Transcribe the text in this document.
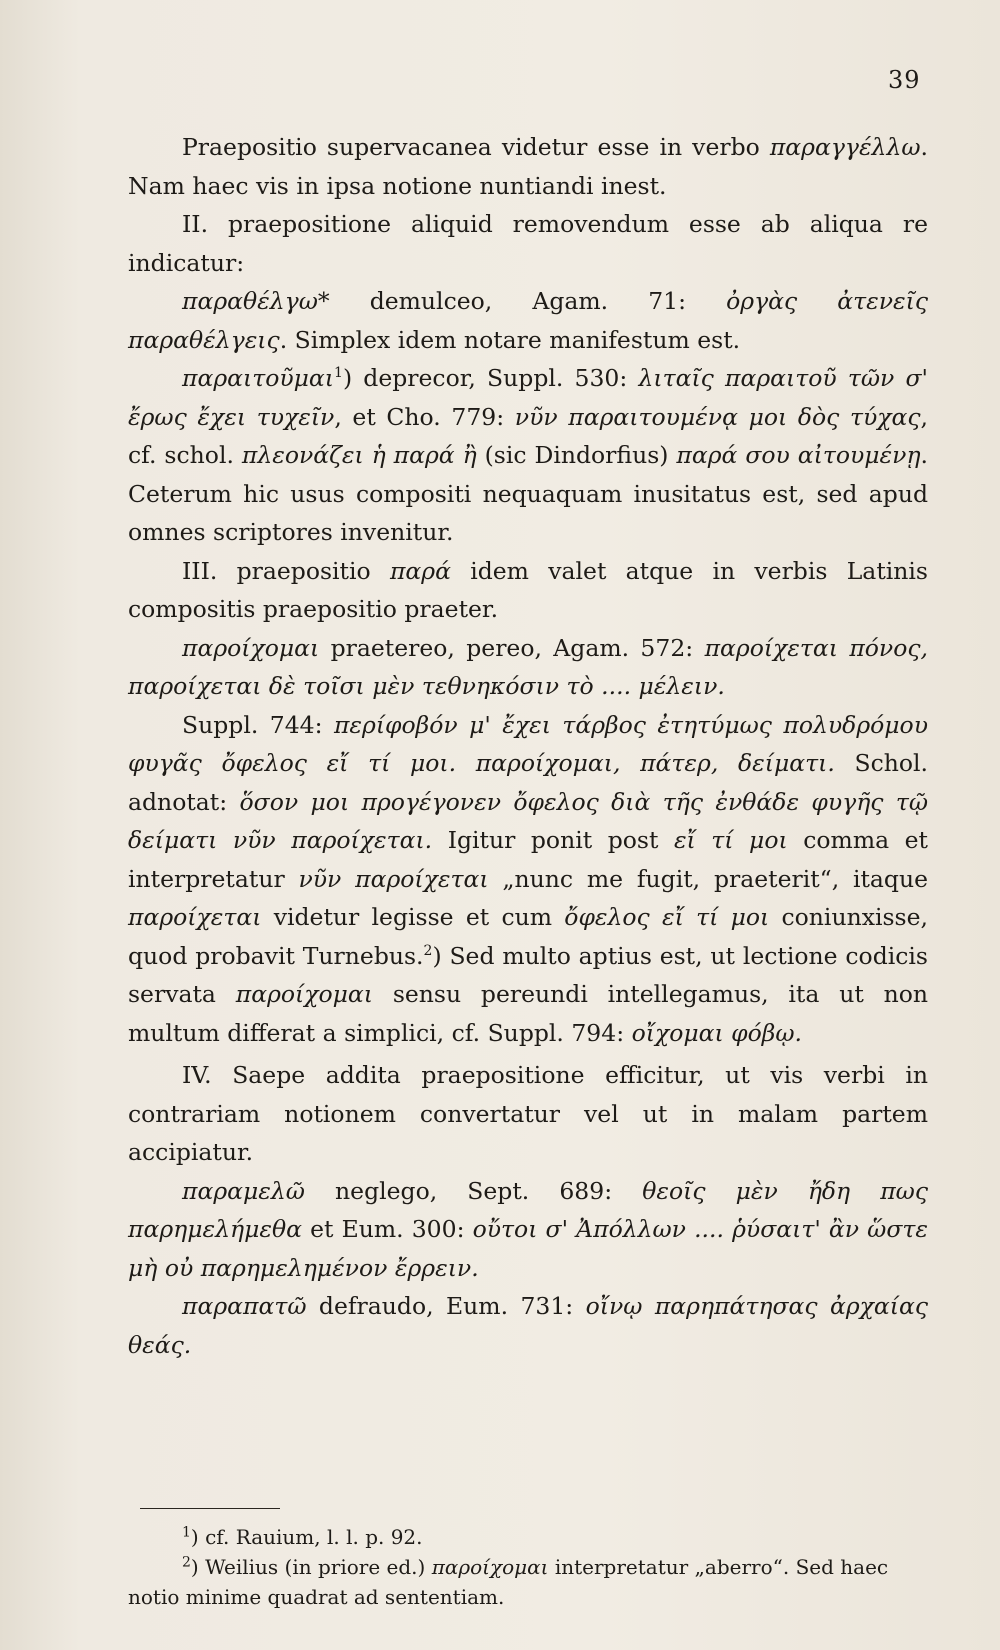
39

Praepositio supervacanea videtur esse in verbo παραγγέλλω. Nam haec vis in ipsa notione nuntiandi inest.

II. praepositione aliquid removendum esse ab aliqua re indicatur:

παραθέλγω* demulceo, Agam. 71: ὀργὰς ἀτενεῖς παραθέλγεις. Simplex idem notare manifestum est.

παραιτοῦμαι$^1$) deprecor, Suppl. 530: λιταῖς παραιτοῦ τῶν σ' ἔρως ἔχει τυχεῖν, et Cho. 779: νῦν παραιτουμένᾳ μοι δὸς τύχας, cf. schol. πλεονάζει ἡ παρά ἢ (sic Dindorfius) παρά σου αἰτουμένῃ. Ceterum hic usus compositi nequaquam inusitatus est, sed apud omnes scriptores invenitur.

III. praepositio παρά idem valet atque in verbis Latinis compositis praepositio praeter.

παροίχομαι praetereo, pereo, Agam. 572: παροίχεται πόνος, παροίχεται δὲ τοῖσι μὲν τεθνηκόσιν τὸ .... μέλειν.

Suppl. 744: περίφοβόν μ' ἔχει τάρβος ἐτητύμως πολυδρόμου φυγᾶς ὄφελος εἴ τί μοι. παροίχομαι, πάτερ, δείματι. Schol. adnotat: ὅσον μοι προγέγονεν ὄφελος διὰ τῆς ἐνθάδε φυγῆς τῷ δείματι νῦν παροίχεται. Igitur ponit post εἴ τί μοι comma et interpretatur νῦν παροίχεται „nunc me fugit, praeterit“, itaque παροίχεται videtur legisse et cum ὄφελος εἴ τί μοι coniunxisse, quod probavit Turnebus.$^2$) Sed multo aptius est, ut lectione codicis servata παροίχομαι sensu pereundi intellegamus, ita ut non multum differat a simplici, cf. Suppl. 794: οἴχομαι φόβῳ.

IV. Saepe addita praepositione efficitur, ut vis verbi in contrariam notionem convertatur vel ut in malam partem accipiatur.

παραμελῶ neglego, Sept. 689: θεοῖς μὲν ἤδη πως παρημελήμεθα et Eum. 300: οὔτοι σ' Ἀπόλλων .... ῥύσαιτ' ἂν ὥστε μὴ οὐ παρημελημένον ἔρρειν.

παραπατῶ defraudo, Eum. 731: οἴνῳ παρηπάτησας ἀρχαίας θεάς.

$^1$) cf. Rauium, l. l. p. 92.

$^2$) Weilius (in priore ed.) παροίχομαι interpretatur „aberro“. Sed haec notio minime quadrat ad sententiam.
